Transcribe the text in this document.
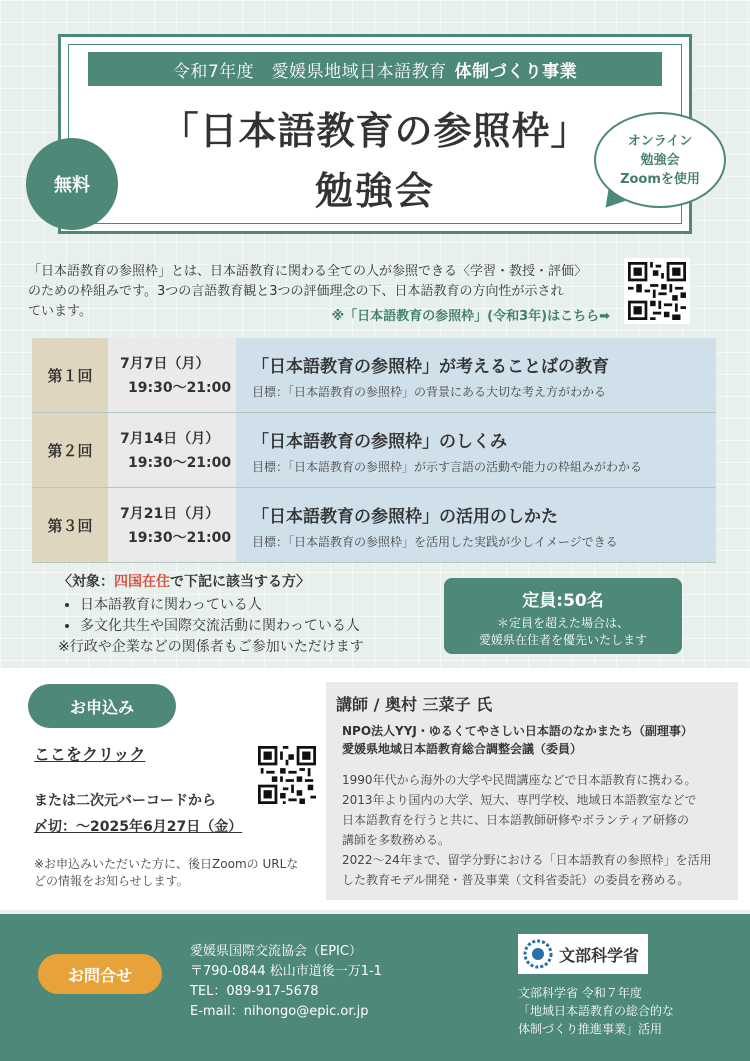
令和7年度　愛媛県地域日本語教育 体制づくり事業
「日本語教育の参照枠」
勉強会
無料
オンライン
勉強会
Zoomを使用
「日本語教育の参照枠」とは、日本語教育に関わる全ての人が参照できる〈学習・教授・評価〉
のための枠組みです。3つの言語教育観と3つの評価理念の下、日本語教育の方向性が示され
ています。	※「日本語教育の参照枠」(令和3年)はこちら➡
第１回
7月7日（月）
19:30〜21:00
「日本語教育の参照枠」が考えることばの教育
目標：「日本語教育の参照枠」の背景にある大切な考え方がわかる
第２回
7月14日（月）
19:30〜21:00
「日本語教育の参照枠」のしくみ
目標：「日本語教育の参照枠」が示す言語の活動や能力の枠組みがわかる
第３回
7月21日（月）
19:30〜21:00
「日本語教育の参照枠」の活用のしかた
目標：「日本語教育の参照枠」を活用した実践が少しイメージできる
〈対象：四国在住で下記に該当する方〉
• 日本語教育に関わっている人
• 多文化共生や国際交流活動に関わっている人
※行政や企業などの関係者もご参加いただけます
定員:50名
＊定員を超えた場合は、
愛媛県在住者を優先いたします
お申込み
ここをクリック
または二次元バーコードから
〆切：〜2025年6月27日（金）
※お申込みいただいた方に、後日Zoomの URLなどの情報をお知らせします。
講師 / 奥村 三菜子 氏
NPO法人YYJ・ゆるくてやさしい日本語のなかまたち（副理事）
愛媛県地域日本語教育総合調整会議（委員）
1990年代から海外の大学や民間講座などで日本語教育に携わる。
2013年より国内の大学、短大、専門学校、地域日本語教室などで
日本語教育を行うと共に、日本語教師研修やボランティア研修の
講師を多数務める。
2022〜24年まで、留学分野における「日本語教育の参照枠」を活用
した教育モデル開発・普及事業（文科省委託）の委員を務める。
お問合せ
愛媛県国際交流協会（EPIC）
〒790-0844 松山市道後一万1-1
TEL：089-917-5678
E-mail：nihongo@epic.or.jp
文部科学省
文部科学省 令和７年度
「地域日本語教育の総合的な
体制づくり推進事業」活用
